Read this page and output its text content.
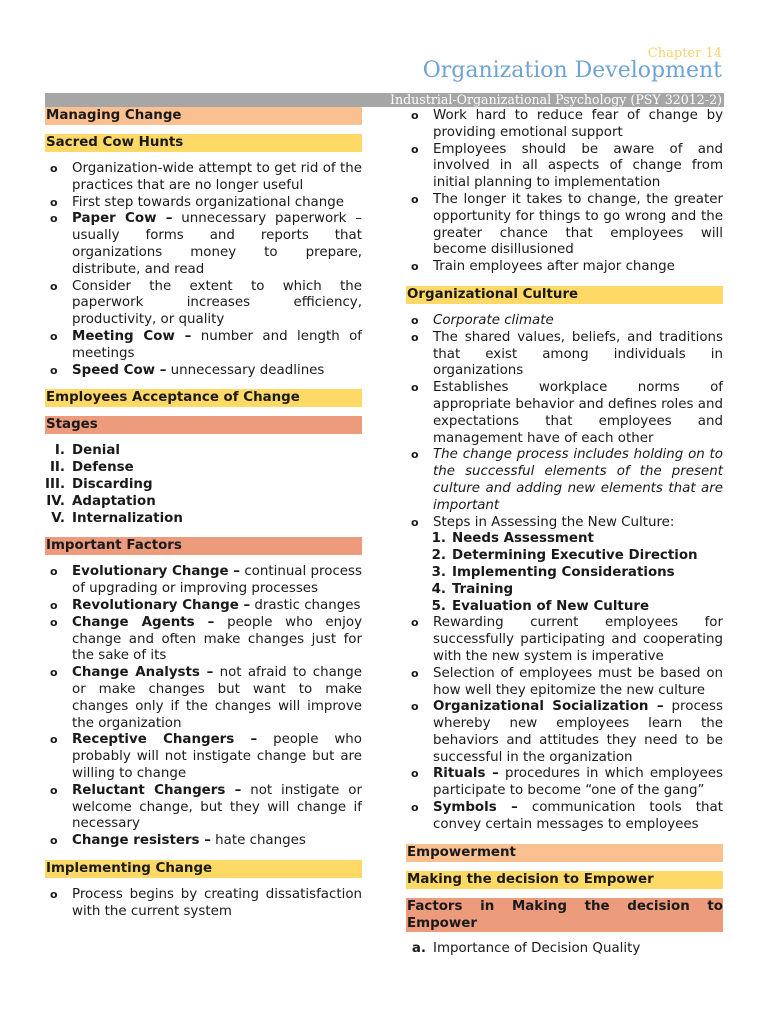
Chapter 14
Organization Development
Industrial-Organizational Psychology (PSY 32012-2)
Managing Change
Sacred Cow Hunts
o Organization-wide attempt to get rid of the practices that are no longer useful
o First step towards organizational change
o Paper Cow – unnecessary paperwork – usually forms and reports that organizations money to prepare, distribute, and read
o Consider the extent to which the paperwork increases efficiency, productivity, or quality
o Meeting Cow – number and length of meetings
o Speed Cow – unnecessary deadlines
Employees Acceptance of Change
Stages
I. Denial
II. Defense
III. Discarding
IV. Adaptation
V. Internalization
Important Factors
o Evolutionary Change – continual process of upgrading or improving processes
o Revolutionary Change – drastic changes
o Change Agents – people who enjoy change and often make changes just for the sake of its
o Change Analysts – not afraid to change or make changes but want to make changes only if the changes will improve the organization
o Receptive Changers – people who probably will not instigate change but are willing to change
o Reluctant Changers – not instigate or welcome change, but they will change if necessary
o Change resisters – hate changes
Implementing Change
o Process begins by creating dissatisfaction with the current system
o Work hard to reduce fear of change by providing emotional support
o Employees should be aware of and involved in all aspects of change from initial planning to implementation
o The longer it takes to change, the greater opportunity for things to go wrong and the greater chance that employees will become disillusioned
o Train employees after major change
Organizational Culture
o Corporate climate
o The shared values, beliefs, and traditions that exist among individuals in organizations
o Establishes workplace norms of appropriate behavior and defines roles and expectations that employees and management have of each other
o The change process includes holding on to the successful elements of the present culture and adding new elements that are important
o Steps in Assessing the New Culture:
1. Needs Assessment
2. Determining Executive Direction
3. Implementing Considerations
4. Training
5. Evaluation of New Culture
o Rewarding current employees for successfully participating and cooperating with the new system is imperative
o Selection of employees must be based on how well they epitomize the new culture
o Organizational Socialization – process whereby new employees learn the behaviors and attitudes they need to be successful in the organization
o Rituals – procedures in which employees participate to become “one of the gang”
o Symbols – communication tools that convey certain messages to employees
Empowerment
Making the decision to Empower
Factors in Making the decision to Empower
a. Importance of Decision Quality
